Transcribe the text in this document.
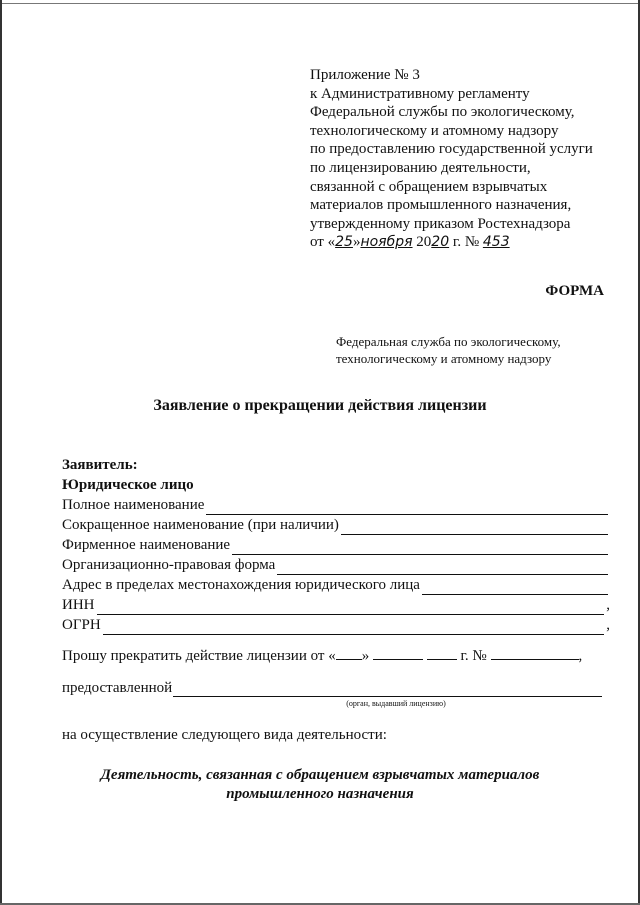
Приложение № 3
к Административному регламенту
Федеральной службы по экологическому,
технологическому и атомному надзору
по предоставлению государственной услуги
по лицензированию деятельности,
связанной с обращением взрывчатых
материалов промышленного назначения,
утвержденному приказом Ростехнадзора
от «25»ноября 2020 г. № 453
ФОРМА
Федеральная служба по экологическому,
технологическому и атомному надзору
Заявление о прекращении действия лицензии
Заявитель:
Юридическое лицо
Полное наименование
Сокращенное наименование (при наличии)
Фирменное наименование
Организационно-правовая форма
Адрес в пределах местонахождения юридического лица
ИНН	,
ОГРН	,
Прошу прекратить действие лицензии от « »	г. №	,
предоставленной
(орган, выдавший лицензию)
на осуществление следующего вида деятельности:
Деятельность, связанная с обращением взрывчатых материалов
промышленного назначения
